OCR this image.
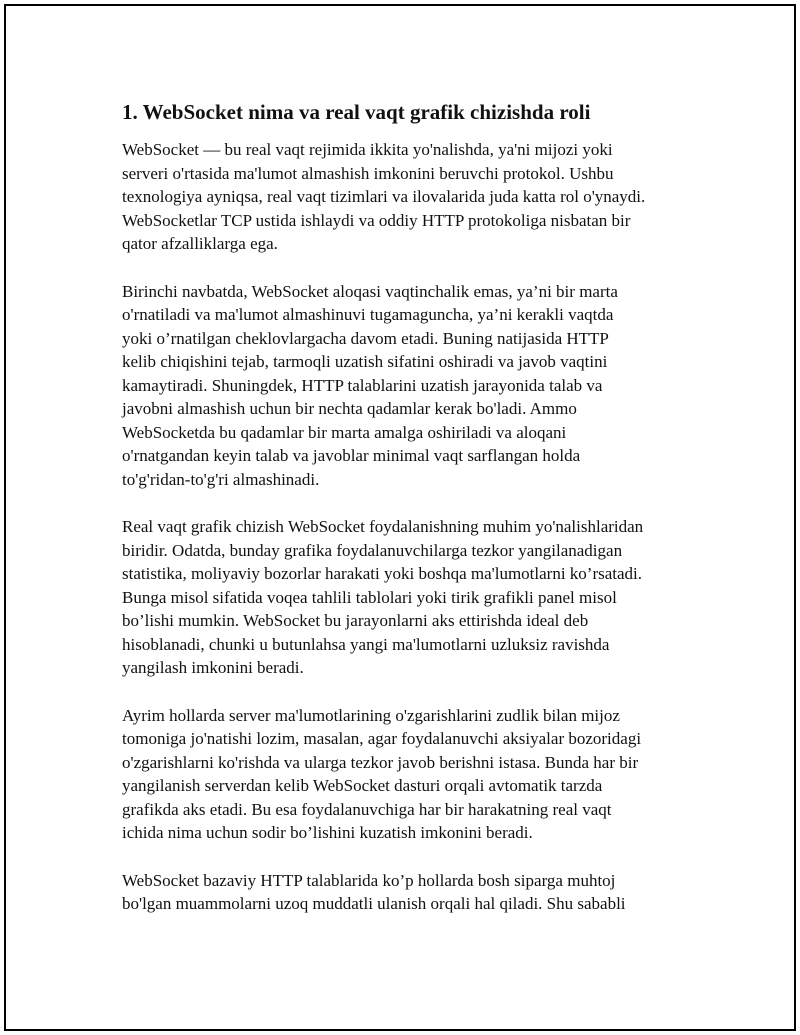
1. WebSocket nima va real vaqt grafik chizishda roli

WebSocket — bu real vaqt rejimida ikkita yo'nalishda, ya'ni mijozi yoki
serveri o'rtasida ma'lumot almashish imkonini beruvchi protokol. Ushbu
texnologiya ayniqsa, real vaqt tizimlari va ilovalarida juda katta rol o'ynaydi.
WebSocketlar TCP ustida ishlaydi va oddiy HTTP protokoliga nisbatan bir
qator afzalliklarga ega.

Birinchi navbatda, WebSocket aloqasi vaqtinchalik emas, ya’ni bir marta
o'rnatiladi va ma'lumot almashinuvi tugamaguncha, ya’ni kerakli vaqtda
yoki o’rnatilgan cheklovlargacha davom etadi. Buning natijasida HTTP
kelib chiqishini tejab, tarmoqli uzatish sifatini oshiradi va javob vaqtini
kamaytiradi. Shuningdek, HTTP talablarini uzatish jarayonida talab va
javobni almashish uchun bir nechta qadamlar kerak bo'ladi. Ammo
WebSocketda bu qadamlar bir marta amalga oshiriladi va aloqani
o'rnatgandan keyin talab va javoblar minimal vaqt sarflangan holda
to'g'ridan-to'g'ri almashinadi.

Real vaqt grafik chizish WebSocket foydalanishning muhim yo'nalishlaridan
biridir. Odatda, bunday grafika foydalanuvchilarga tezkor yangilanadigan
statistika, moliyaviy bozorlar harakati yoki boshqa ma'lumotlarni ko’rsatadi.
Bunga misol sifatida voqea tahlili tablolari yoki tirik grafikli panel misol
bo’lishi mumkin. WebSocket bu jarayonlarni aks ettirishda ideal deb
hisoblanadi, chunki u butunlahsa yangi ma'lumotlarni uzluksiz ravishda
yangilash imkonini beradi.

Ayrim hollarda server ma'lumotlarining o'zgarishlarini zudlik bilan mijoz
tomoniga jo'natishi lozim, masalan, agar foydalanuvchi aksiyalar bozoridagi
o'zgarishlarni ko'rishda va ularga tezkor javob berishni istasa. Bunda har bir
yangilanish serverdan kelib WebSocket dasturi orqali avtomatik tarzda
grafikda aks etadi. Bu esa foydalanuvchiga har bir harakatning real vaqt
ichida nima uchun sodir bo’lishini kuzatish imkonini beradi.

WebSocket bazaviy HTTP talablarida ko’p hollarda bosh siparga muhtoj
bo'lgan muammolarni uzoq muddatli ulanish orqali hal qiladi. Shu sababli
